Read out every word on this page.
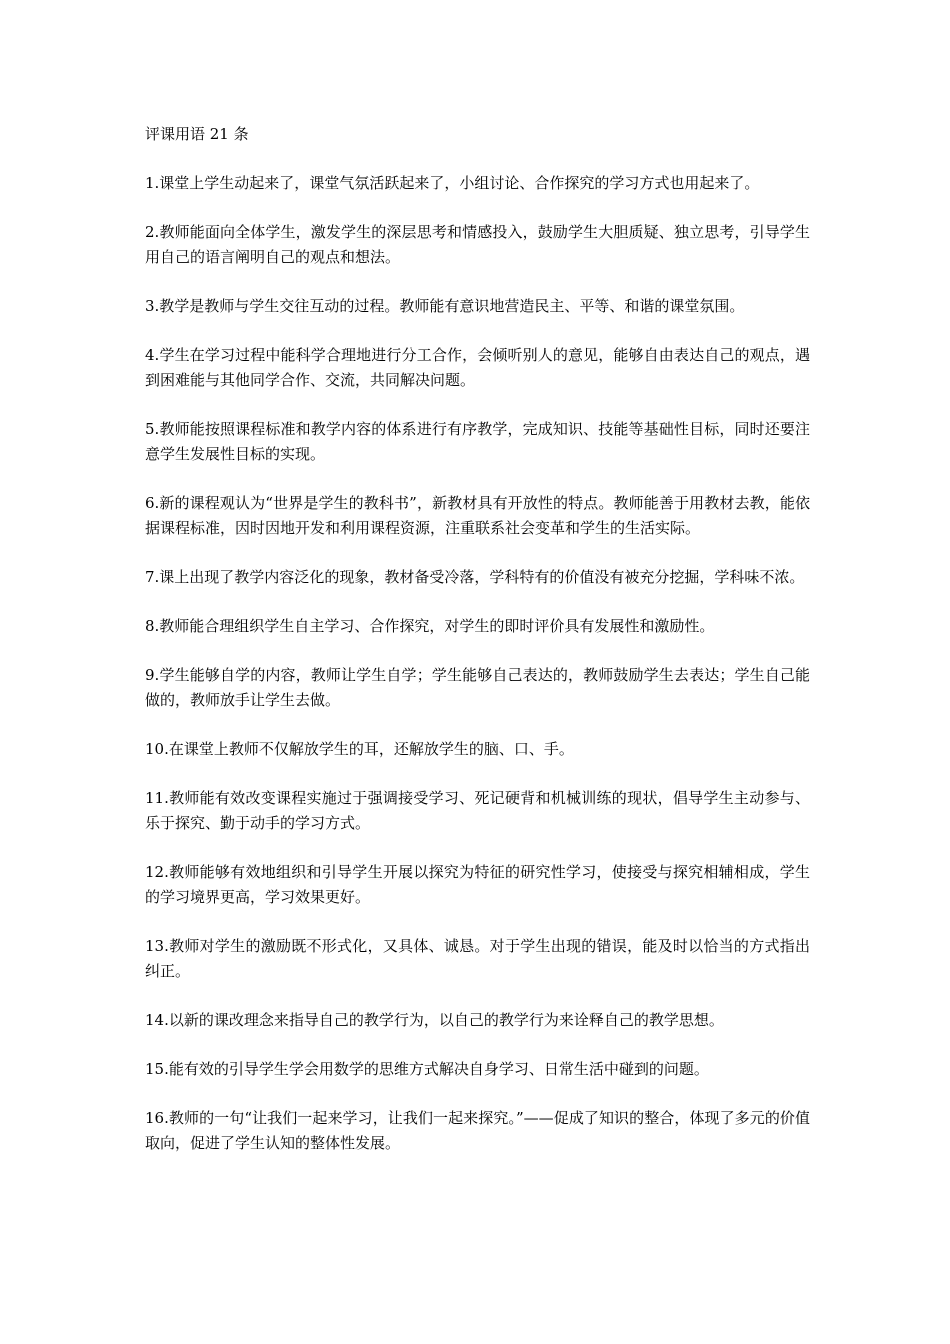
评课用语 21 条
1.课堂上学生动起来了，课堂气氛活跃起来了，小组讨论、合作探究的学习方式也用起来了。
2.教师能面向全体学生，激发学生的深层思考和情感投入，鼓励学生大胆质疑、独立思考，引导学生用自己的语言阐明自己的观点和想法。
3.教学是教师与学生交往互动的过程。教师能有意识地营造民主、平等、和谐的课堂氛围。
4.学生在学习过程中能科学合理地进行分工合作，会倾听别人的意见，能够自由表达自己的观点，遇到困难能与其他同学合作、交流，共同解决问题。
5.教师能按照课程标准和教学内容的体系进行有序教学，完成知识、技能等基础性目标，同时还要注意学生发展性目标的实现。
6.新的课程观认为“世界是学生的教科书”，新教材具有开放性的特点。教师能善于用教材去教，能依据课程标准，因时因地开发和利用课程资源，注重联系社会变革和学生的生活实际。
7.课上出现了教学内容泛化的现象，教材备受冷落，学科特有的价值没有被充分挖掘，学科味不浓。
8.教师能合理组织学生自主学习、合作探究，对学生的即时评价具有发展性和激励性。
9.学生能够自学的内容，教师让学生自学；学生能够自己表达的，教师鼓励学生去表达；学生自己能做的，教师放手让学生去做。
10.在课堂上教师不仅解放学生的耳，还解放学生的脑、口、手。
11.教师能有效改变课程实施过于强调接受学习、死记硬背和机械训练的现状，倡导学生主动参与、乐于探究、勤于动手的学习方式。
12.教师能够有效地组织和引导学生开展以探究为特征的研究性学习，使接受与探究相辅相成，学生的学习境界更高，学习效果更好。
13.教师对学生的激励既不形式化，又具体、诚恳。对于学生出现的错误，能及时以恰当的方式指出纠正。
14.以新的课改理念来指导自己的教学行为，以自己的教学行为来诠释自己的教学思想。
15.能有效的引导学生学会用数学的思维方式解决自身学习、日常生活中碰到的问题。
16.教师的一句“让我们一起来学习，让我们一起来探究。”——促成了知识的整合，体现了多元的价值取向，促进了学生认知的整体性发展。
